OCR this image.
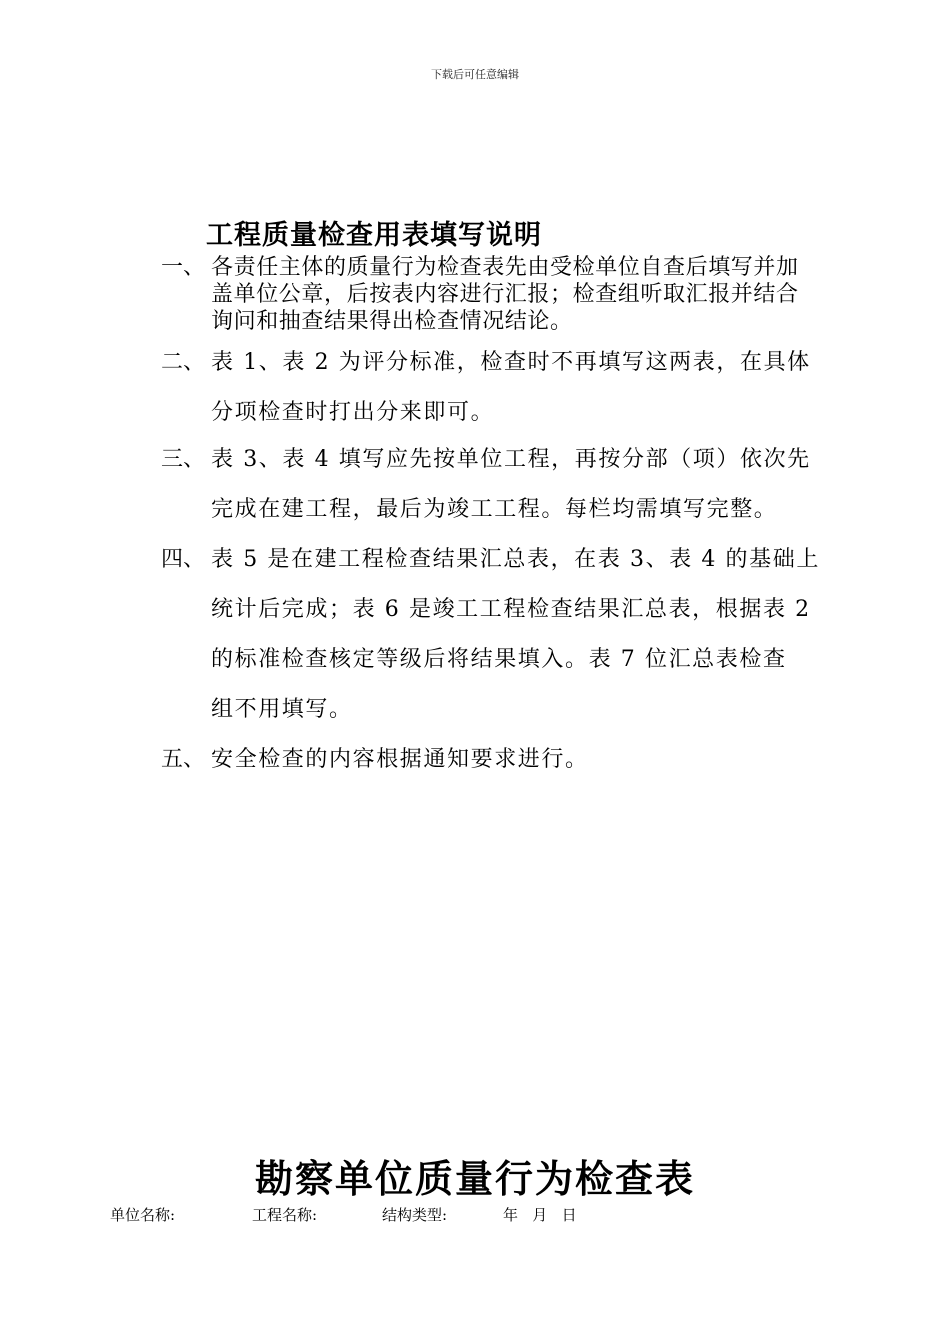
下载后可任意编辑
工程质量检查用表填写说明
一、 各责任主体的质量行为检查表先由受检单位自查后填写并加
盖单位公章，后按表内容进行汇报；检查组听取汇报并结合
询问和抽查结果得出检查情况结论。
二、 表 1、表 2 为评分标准，检查时不再填写这两表，在具体
分项检查时打出分来即可。
三、 表 3、表 4 填写应先按单位工程，再按分部（项）依次先
完成在建工程，最后为竣工工程。每栏均需填写完整。
四、 表 5 是在建工程检查结果汇总表，在表 3、表 4 的基础上
统计后完成；表 6 是竣工工程检查结果汇总表，根据表 2
的标准检查核定等级后将结果填入。表 7 位汇总表检查
组不用填写。
五、 安全检查的内容根据通知要求进行。
勘察单位质量行为检查表
单位名称:	工程名称:	结构类型:	年   月   日
